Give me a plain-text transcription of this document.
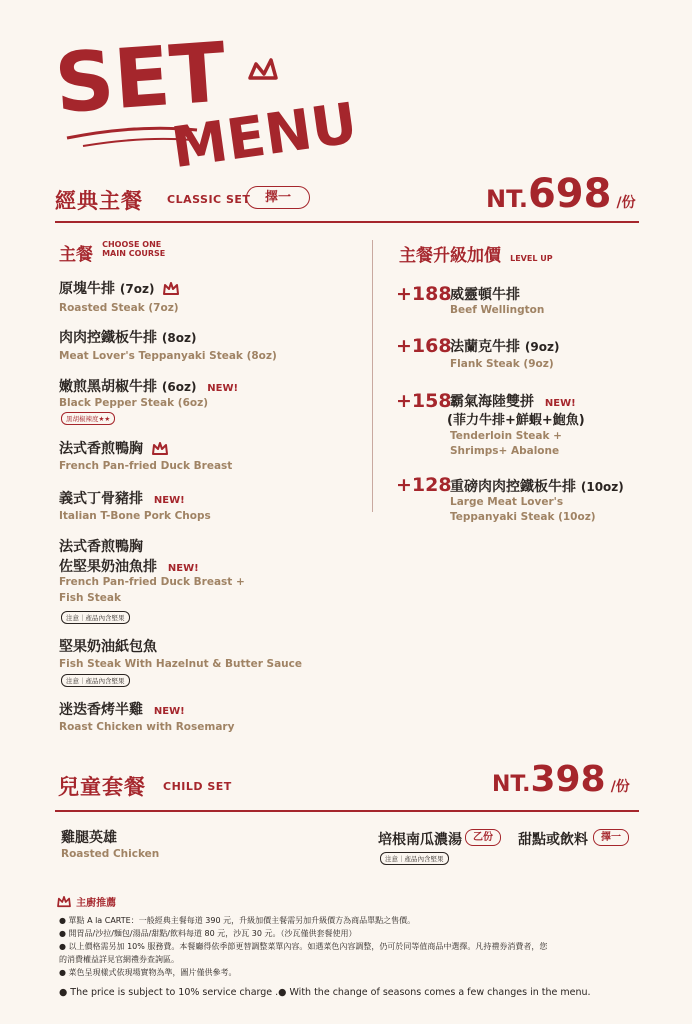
SET
MENU
經典主餐 CLASSIC SET	擇一	NT.698 /份
主餐 CHOOSE ONE
MAIN COURSE
原塊牛排 (7oz)
Roasted Steak (7oz)
肉肉控鐵板牛排 (8oz)
Meat Lover's Teppanyaki Steak (8oz)
嫩煎黑胡椒牛排 (6oz) NEW!
Black Pepper Steak (6oz)
黑胡椒辣度★★
法式香煎鴨胸
French Pan-fried Duck Breast
義式丁骨豬排 NEW!
Italian T-Bone Pork Chops
法式香煎鴨胸
佐堅果奶油魚排 NEW!
French Pan-fried Duck Breast +
Fish Steak
注意｜產品內含堅果
堅果奶油紙包魚
Fish Steak With Hazelnut & Butter Sauce
注意｜產品內含堅果
迷迭香烤半雞 NEW!
Roast Chicken with Rosemary
主餐升級加價 LEVEL UP
+188
威靈頓牛排
Beef Wellington
+168
法蘭克牛排 (9oz)
Flank Steak (9oz)
+158
霸氣海陸雙拼 NEW!
(菲力牛排+鮮蝦+鮑魚)
Tenderloin Steak +
Shrimps+ Abalone
+128
重磅肉肉控鐵板牛排 (10oz)
Large Meat Lover's
Teppanyaki Steak (10oz)
兒童套餐 CHILD SET	NT.398 /份
雞腿英雄
Roasted Chicken
培根南瓜濃湯	乙份	甜點或飲料	擇一
注意｜產品內含堅果
主廚推薦
● 單點 A la CARTE：一般經典主餐每道 390 元，升級加價主餐需另加升級價方為商品單點之售價。
● 開胃品/沙拉/麵包/湯品/甜點/飲料每道 80 元，沙瓦 30 元。（沙瓦僅供套餐使用）
● 以上價格需另加 10% 服務費。本餐廳得依季節更替調整菜單內容。如遇菜色內容調整，仍可於同等值商品中選擇。凡持禮券消費者，您
的消費權益詳見官網禮券查詢區。
● 菜色呈現樣式依現場實物為準，圖片僅供參考。
● The price is subject to 10% service charge .● With the change of seasons comes a few changes in the menu.
